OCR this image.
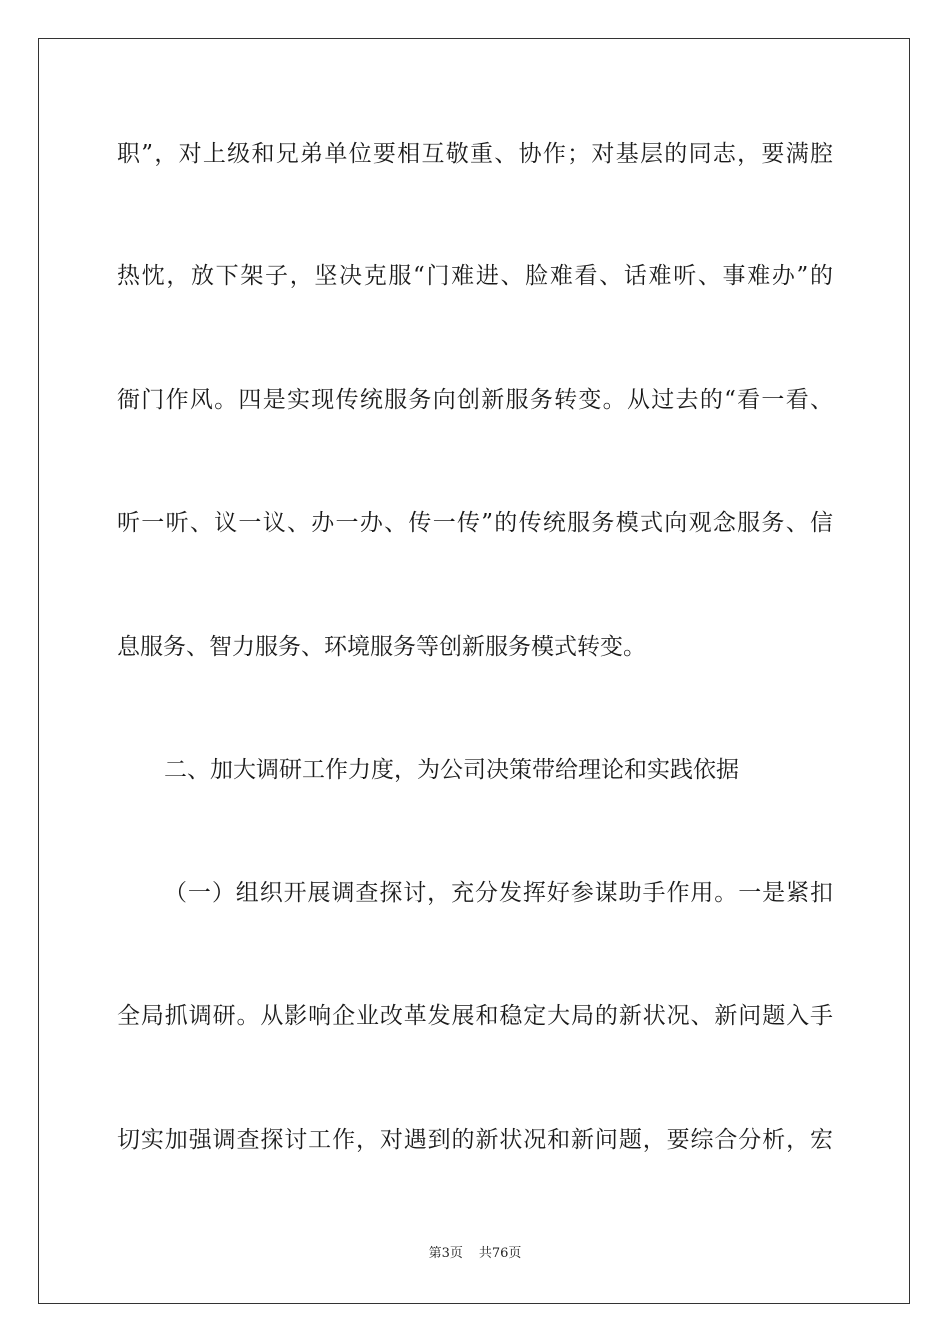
职”，对上级和兄弟单位要相互敬重、协作；对基层的同志，要满腔
热忱，放下架子，坚决克服“门难进、脸难看、话难听、事难办”的
衙门作风。四是实现传统服务向创新服务转变。从过去的“看一看、
听一听、议一议、办一办、传一传”的传统服务模式向观念服务、信
息服务、智力服务、环境服务等创新服务模式转变。
二、加大调研工作力度，为公司决策带给理论和实践依据
（一）组织开展调查探讨，充分发挥好参谋助手作用。一是紧扣
全局抓调研。从影响企业改革发展和稳定大局的新状况、新问题入手
切实加强调查探讨工作，对遇到的新状况和新问题，要综合分析，宏
第3页 共76页
